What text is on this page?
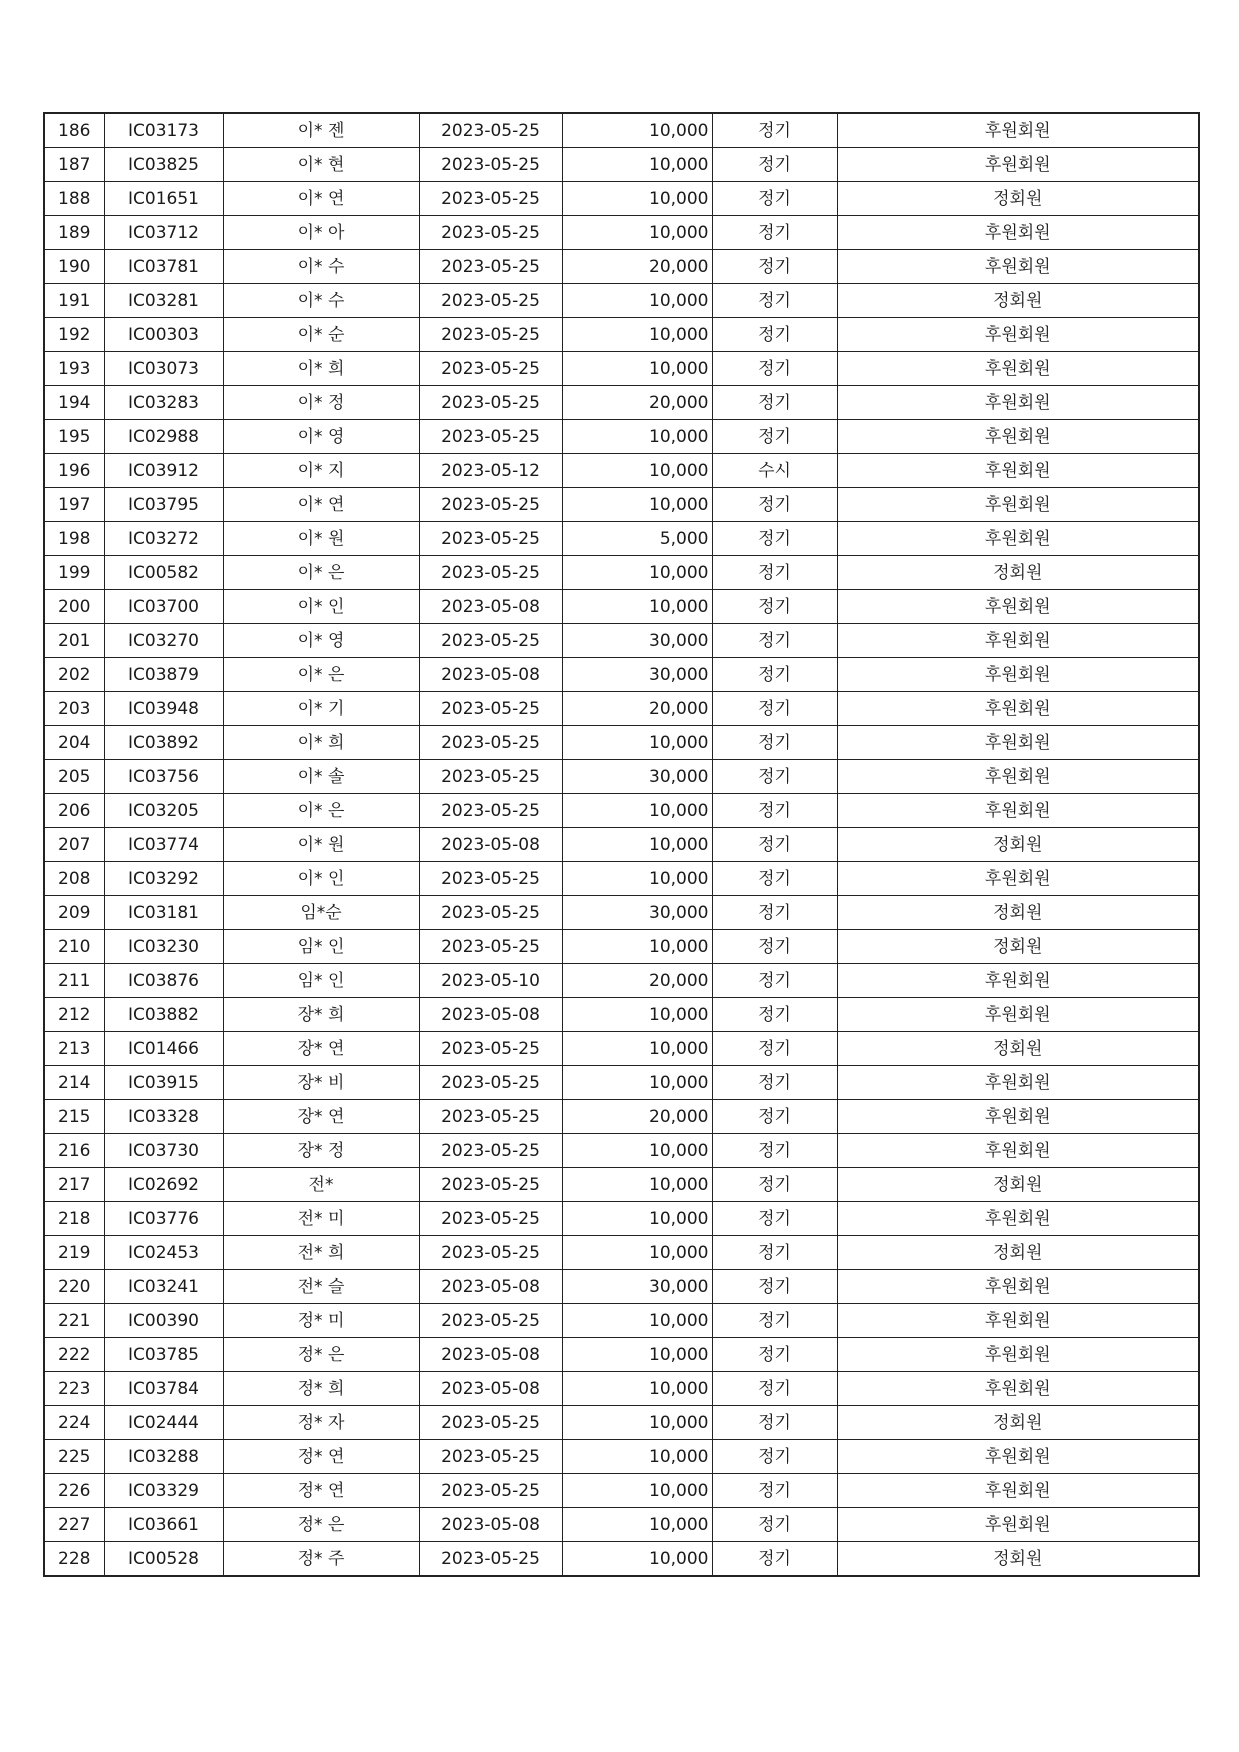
186	IC03173	이* 젠	2023-05-25	10,000	정기	후원회원
187	IC03825	이* 현	2023-05-25	10,000	정기	후원회원
188	IC01651	이* 연	2023-05-25	10,000	정기	정회원
189	IC03712	이* 아	2023-05-25	10,000	정기	후원회원
190	IC03781	이* 수	2023-05-25	20,000	정기	후원회원
191	IC03281	이* 수	2023-05-25	10,000	정기	정회원
192	IC00303	이* 순	2023-05-25	10,000	정기	후원회원
193	IC03073	이* 희	2023-05-25	10,000	정기	후원회원
194	IC03283	이* 정	2023-05-25	20,000	정기	후원회원
195	IC02988	이* 영	2023-05-25	10,000	정기	후원회원
196	IC03912	이* 지	2023-05-12	10,000	수시	후원회원
197	IC03795	이* 연	2023-05-25	10,000	정기	후원회원
198	IC03272	이* 원	2023-05-25	5,000	정기	후원회원
199	IC00582	이* 은	2023-05-25	10,000	정기	정회원
200	IC03700	이* 인	2023-05-08	10,000	정기	후원회원
201	IC03270	이* 영	2023-05-25	30,000	정기	후원회원
202	IC03879	이* 은	2023-05-08	30,000	정기	후원회원
203	IC03948	이* 기	2023-05-25	20,000	정기	후원회원
204	IC03892	이* 희	2023-05-25	10,000	정기	후원회원
205	IC03756	이* 솔	2023-05-25	30,000	정기	후원회원
206	IC03205	이* 은	2023-05-25	10,000	정기	후원회원
207	IC03774	이* 원	2023-05-08	10,000	정기	정회원
208	IC03292	이* 인	2023-05-25	10,000	정기	후원회원
209	IC03181	임*순	2023-05-25	30,000	정기	정회원
210	IC03230	임* 인	2023-05-25	10,000	정기	정회원
211	IC03876	임* 인	2023-05-10	20,000	정기	후원회원
212	IC03882	장* 희	2023-05-08	10,000	정기	후원회원
213	IC01466	장* 연	2023-05-25	10,000	정기	정회원
214	IC03915	장* 비	2023-05-25	10,000	정기	후원회원
215	IC03328	장* 연	2023-05-25	20,000	정기	후원회원
216	IC03730	장* 정	2023-05-25	10,000	정기	후원회원
217	IC02692	전*	2023-05-25	10,000	정기	정회원
218	IC03776	전* 미	2023-05-25	10,000	정기	후원회원
219	IC02453	전* 희	2023-05-25	10,000	정기	정회원
220	IC03241	전* 슬	2023-05-08	30,000	정기	후원회원
221	IC00390	정* 미	2023-05-25	10,000	정기	후원회원
222	IC03785	정* 은	2023-05-08	10,000	정기	후원회원
223	IC03784	정* 희	2023-05-08	10,000	정기	후원회원
224	IC02444	정* 자	2023-05-25	10,000	정기	정회원
225	IC03288	정* 연	2023-05-25	10,000	정기	후원회원
226	IC03329	정* 연	2023-05-25	10,000	정기	후원회원
227	IC03661	정* 은	2023-05-08	10,000	정기	후원회원
228	IC00528	정* 주	2023-05-25	10,000	정기	정회원
